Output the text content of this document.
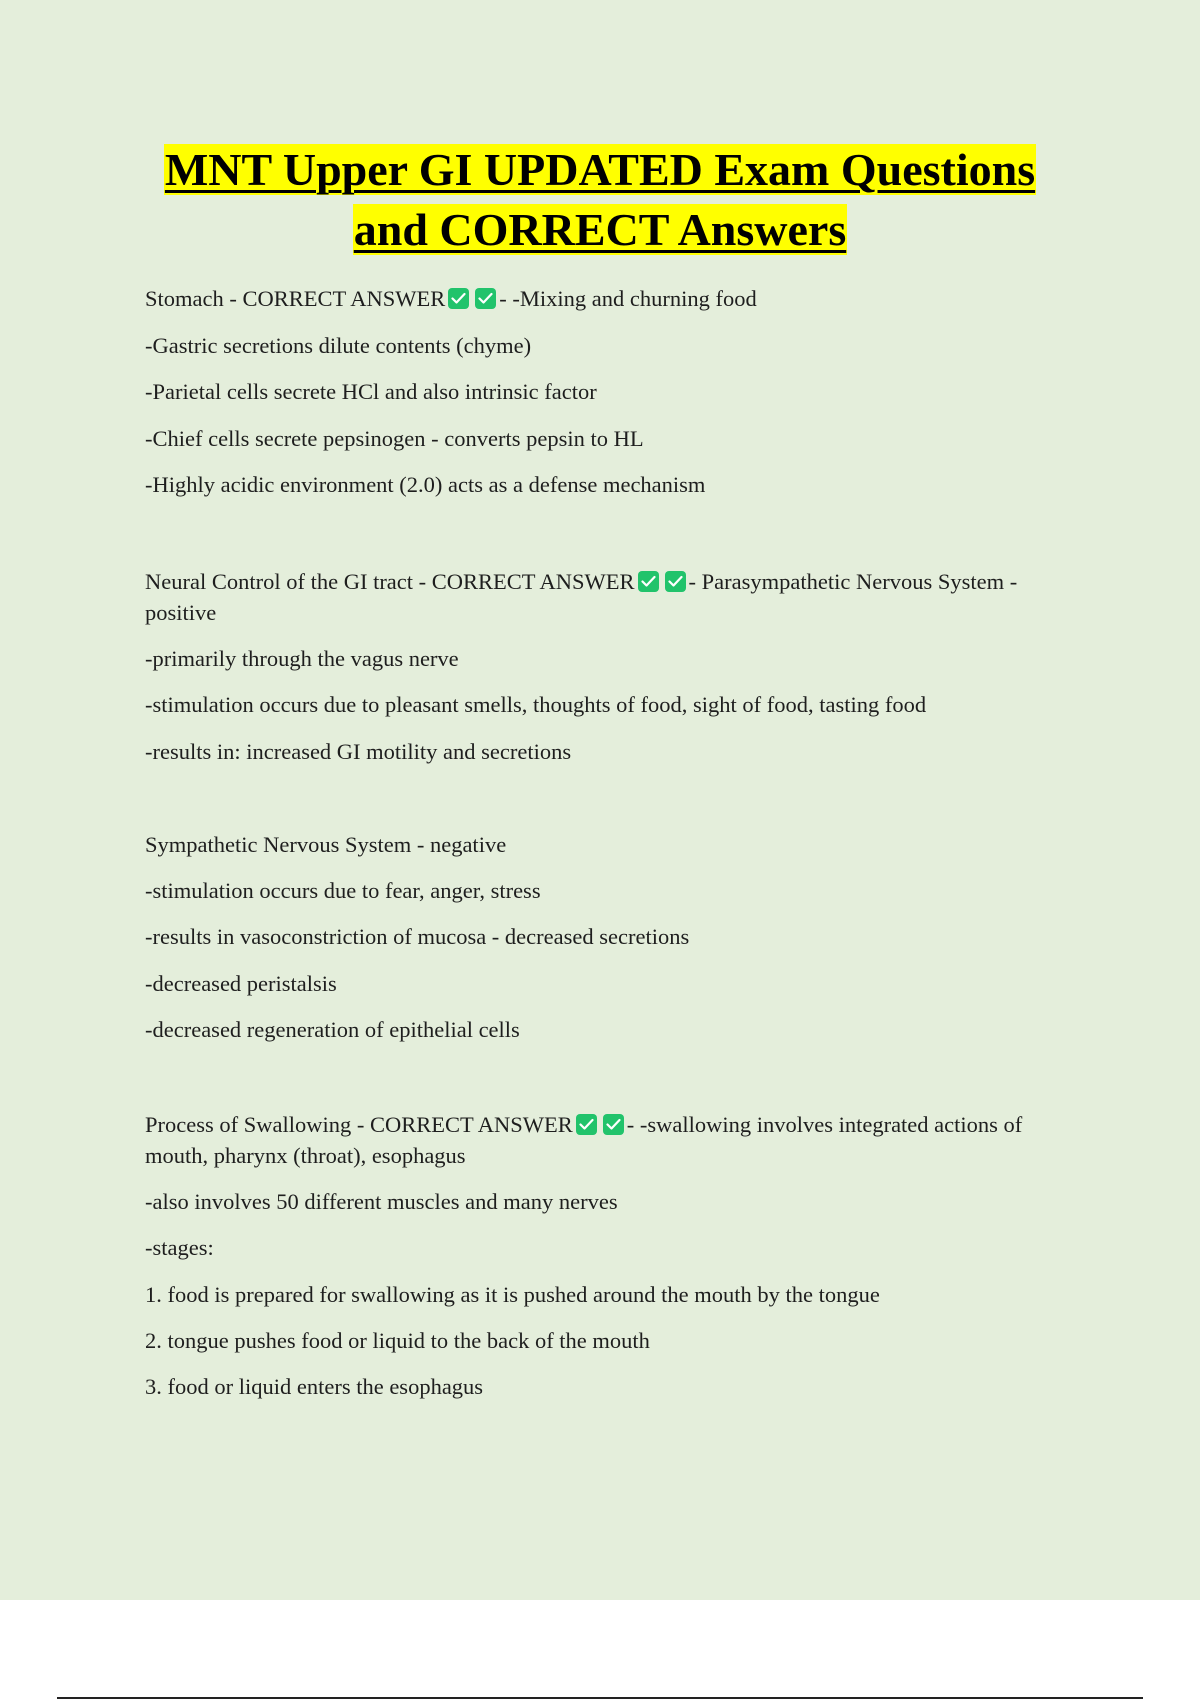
MNT Upper GI UPDATED Exam Questions
and CORRECT Answers

Stomach - CORRECT ANSWER - -Mixing and churning food

-Gastric secretions dilute contents (chyme)

-Parietal cells secrete HCl and also intrinsic factor

-Chief cells secrete pepsinogen - converts pepsin to HL

-Highly acidic environment (2.0) acts as a defense mechanism

Neural Control of the GI tract - CORRECT ANSWER - Parasympathetic Nervous System - positive

-primarily through the vagus nerve

-stimulation occurs due to pleasant smells, thoughts of food, sight of food, tasting food

-results in: increased GI motility and secretions

Sympathetic Nervous System - negative

-stimulation occurs due to fear, anger, stress

-results in vasoconstriction of mucosa - decreased secretions

-decreased peristalsis

-decreased regeneration of epithelial cells

Process of Swallowing - CORRECT ANSWER - -swallowing involves integrated actions of mouth, pharynx (throat), esophagus

-also involves 50 different muscles and many nerves

-stages:

1. food is prepared for swallowing as it is pushed around the mouth by the tongue

2. tongue pushes food or liquid to the back of the mouth

3. food or liquid enters the esophagus
